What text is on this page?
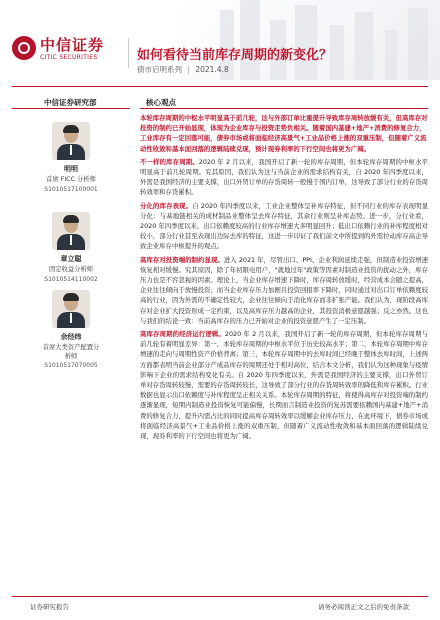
中信证券
CITIC SECURITIES	如何看待当前库存周期的新变化？
债市启明系列 | 2021.4.8
中信证券研究部	核心观点
明明
首席 FICC 分析师
S1010517100001
章立聪
固定收益分析师
S1010514110002
余经纬
首席大类资产配置分析师
S1010517070005

本轮库存周期的中枢水平明显高于前几轮，这与外部订单比重提升导致库存周转放缓有关，但高库存对投资的制约已开始显现，体现为企业库存与投资走势负相关。随着国内基建+地产+消费的修复合力，工业库存有一定回落可能，债券市场或将面临经济高景气+工业品价格上涨的双重压制，但随着广义流动性收敛和基本面回落的逻辑陆续兑现，预计现券利率的下行空间也将更为广阔。

不一样的库存周期。2020 年 2 月以来，我国开启了新一轮的库存周期，但本轮库存周期的中枢水平明显高于前几轮周期。究其原因，我们认为这与当前企业的需求结构有关，自 2020 年四季度以来，外需是我国经济的主要支撑，出口外贸订单的存货周转一般慢于国内订单，这导致了部分行业的存货周转效率和存货累积。

分化的库存表现。自 2020 年四季度以来，工业企业整体呈补库存特征，但不同行业的库存表现明显分化：与基地链相关的成材制品业整体呈去库存特征，其余行业则呈补库态势。进一步，分行业看，2020 年四季度以来，出口依赖度较高的行业库存增速大多明显回升；低出口依赖行业的补库程度相对较小，部分行业甚至表现出边际去库的特征，这进一步印证了我们前文中所提到的外需拉动库存高企导致企业库存中枢提升的观点。

高库存对投资端的制约显现。进入 2021 年，尽管出口、PPI、企业利润延续走强，但制造业投资增速恢复相对缓慢。究其原因，除了年初限电用户，"就地过年"政策等因素对制造业投资的扰动之外，库存压力也是不容忽视的因素。理论上，当企业库存增速下降时，库存周转放缓时，经营成本会随之提高，企业往往倾向于放慢投资；而当企业库存压力加剧且投资回报率下降时，同时通过对出口订单依赖度较高的行业，因为外需的不确定性较大，企业往往倾向于消化库存而非扩张产能。我们认为，现阶段高库存对企业扩大投资形成一定约束，以及高库存压力越高的企业，其投资消极意愿越强；反之亦然。这也与我们的结论一致：当前高库存的压力已开始对企业的投资意愿产生了一定压制。

高库存周期的经济运行逻辑。2020 年 2 月以来，我国开启了新一轮的库存周期，但本轮库存周期与前几轮有着明显差异：第一，本轮库存周期的中枢水平位于历史较高水平；第二，本轮库存周期中库存增速的走向与周期性资产价格背离；第三，本轮库存周期中的去库时间已经晚于整体去库时间，上述两方面都表明当前企业部分产成品库存的周期还处于相对高位，结合本文分析，我们认为这种现象与疫情影响下企业的需求结构变化有关。自 2020 年四季度以来，外需是我国经济的主要支撑，出口外贸订单对存货周转较慢，需要的存货周转较长，这导致了部分行业的存货周转效率的降低和库存累积。行业数据也显示出口依赖度与补库程度呈正相关关系。本轮库存周期的特征，将使得高库存对投资端的制约逐渐显现，短期内制造业投资恢复可能偏慢，长期而言制造业投资的复苏需要依赖国内基建+地产+消费的修复合力，提升内需占比的同时提高库存周转效率以缓解企业库存压力，在此环境下，债券市场或将面临经济高景气+工业品价格上涨的双重压制，但随着广义流动性收敛和基本面回落的逻辑陆续兑现，现券利率的下行空间也将更为广阔。

证券研究报告	请务必阅读正文之后的免责条款
